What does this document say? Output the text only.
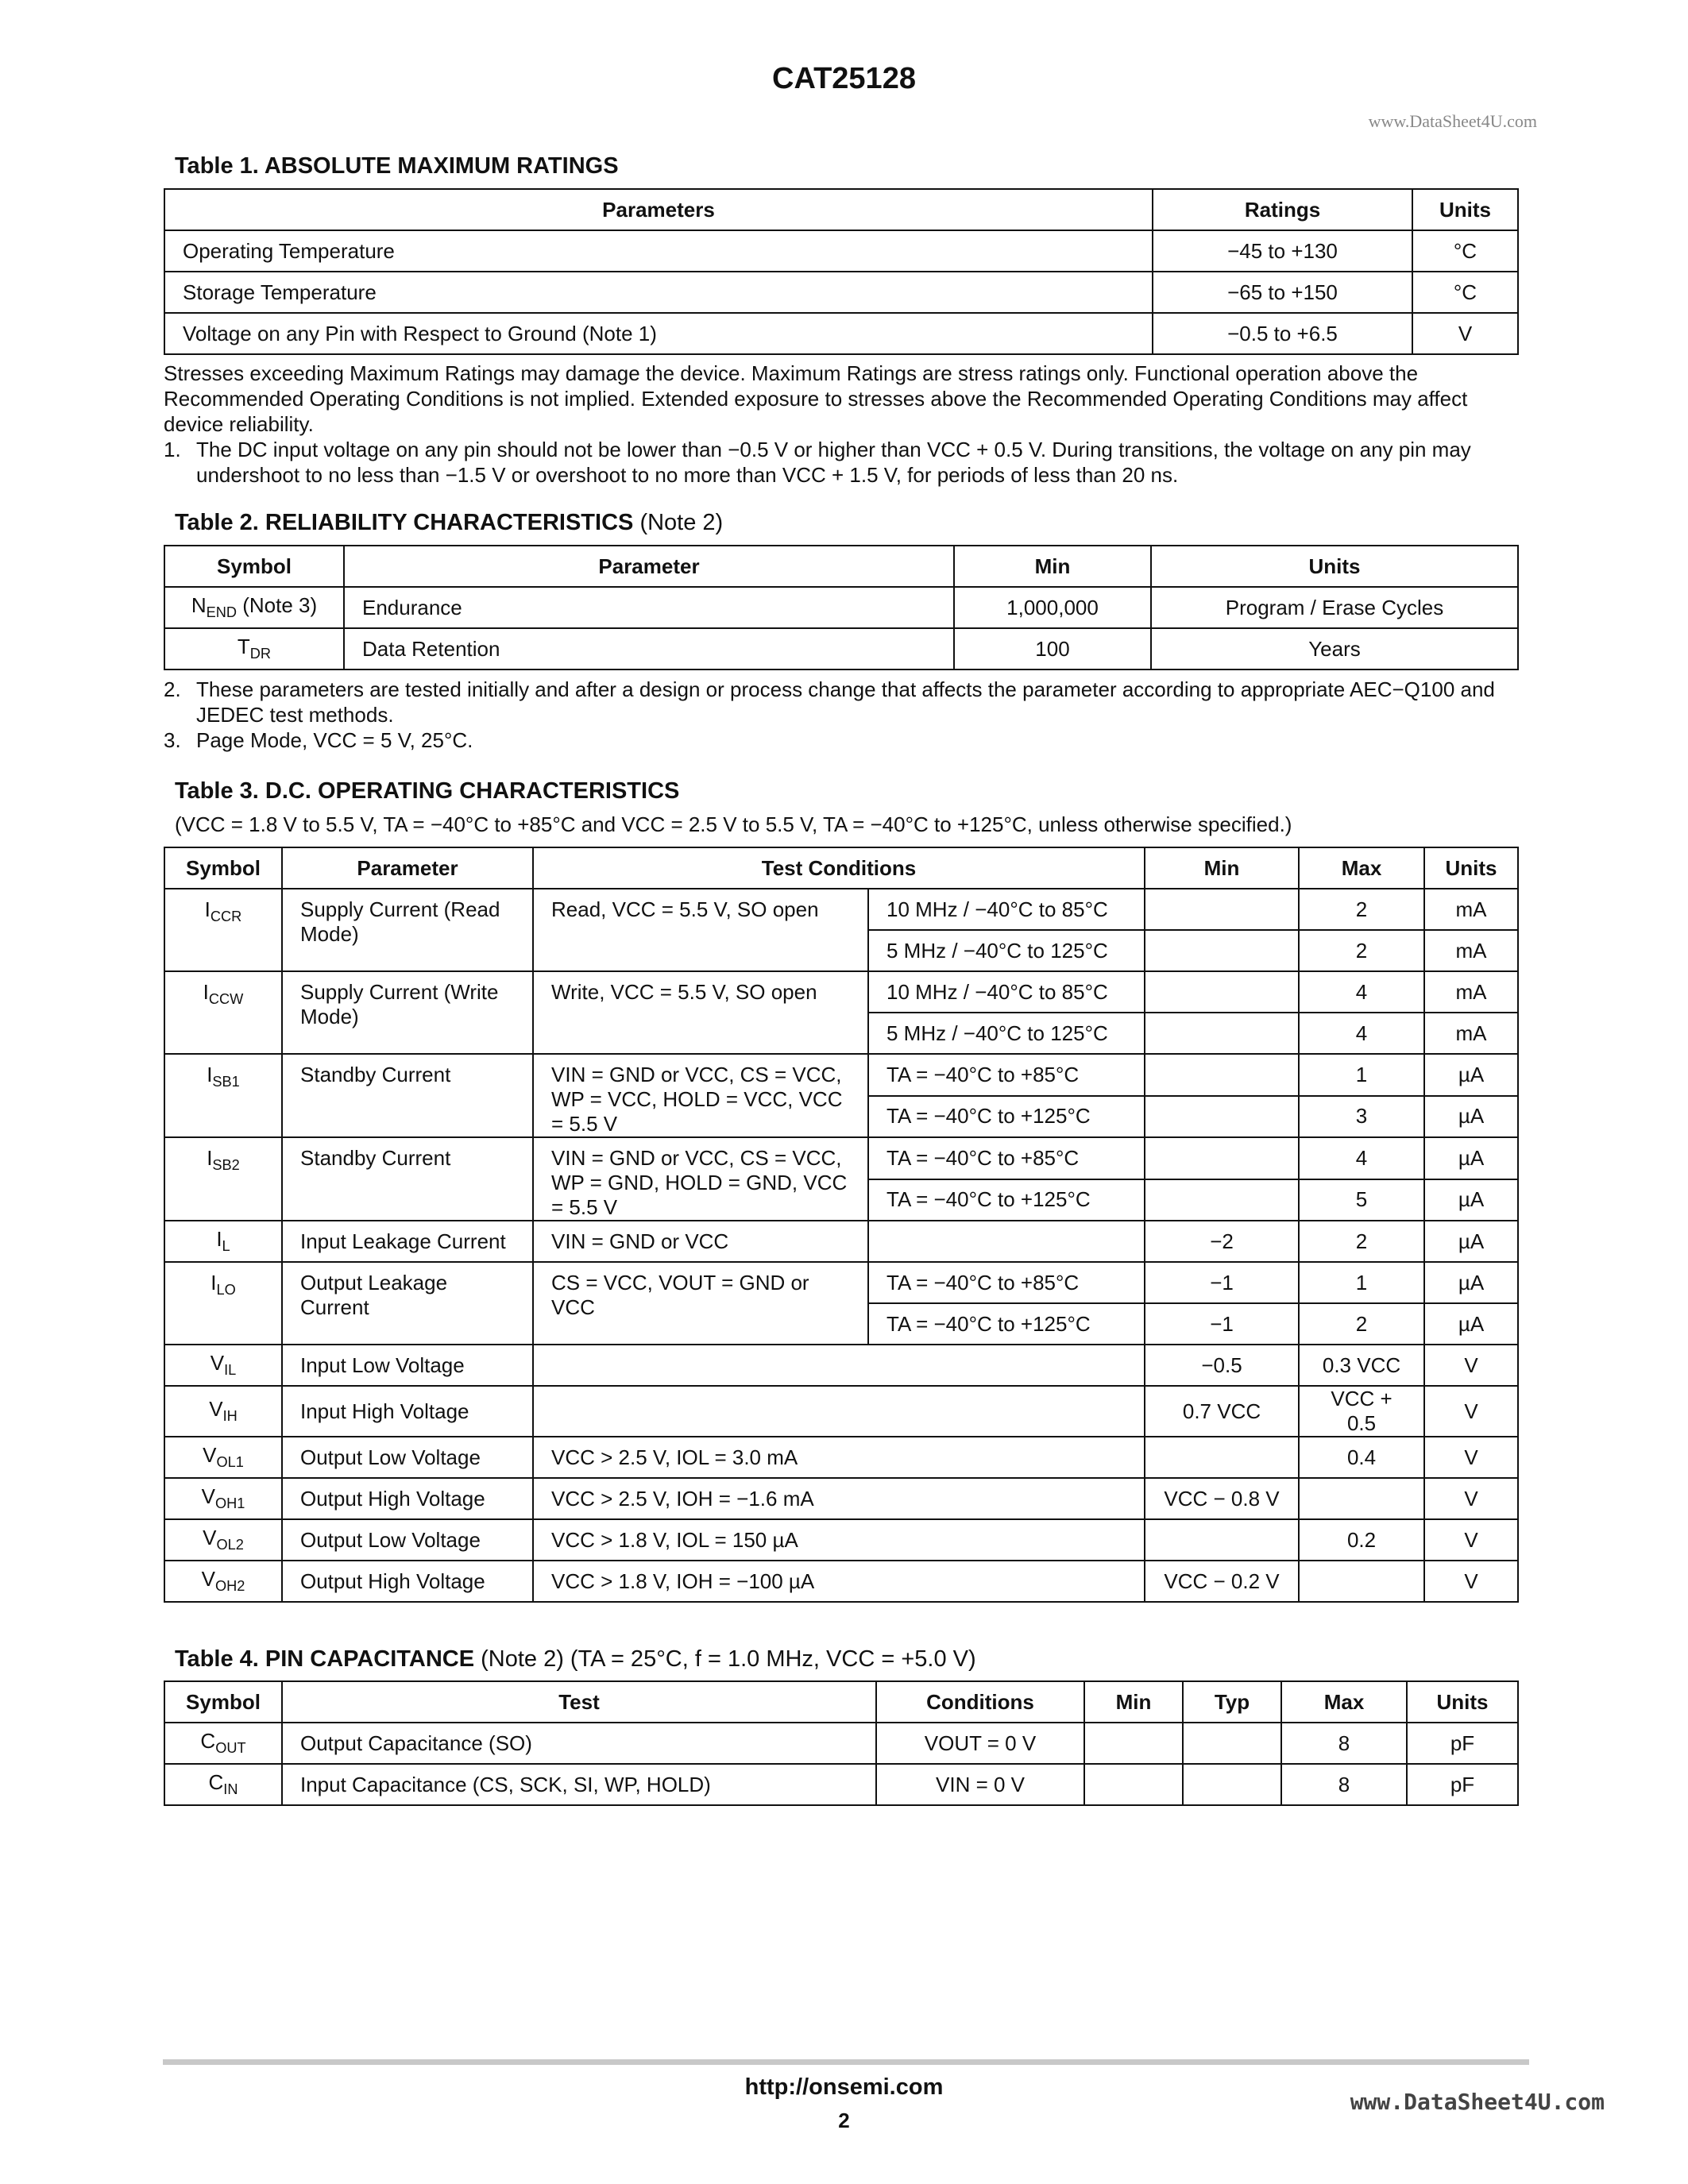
CAT25128
www.DataSheet4U.com
Table 1. ABSOLUTE MAXIMUM RATINGS
Parameters	Ratings	Units
Operating Temperature	−45 to +130	°C
Storage Temperature	−65 to +150	°C
Voltage on any Pin with Respect to Ground (Note 1)	−0.5 to +6.5	V
Stresses exceeding Maximum Ratings may damage the device. Maximum Ratings are stress ratings only. Functional operation above the Recommended Operating Conditions is not implied. Extended exposure to stresses above the Recommended Operating Conditions may affect device reliability.
1. The DC input voltage on any pin should not be lower than −0.5 V or higher than VCC + 0.5 V. During transitions, the voltage on any pin may undershoot to no less than −1.5 V or overshoot to no more than VCC + 1.5 V, for periods of less than 20 ns.
Table 2. RELIABILITY CHARACTERISTICS (Note 2)
Symbol	Parameter	Min	Units
$N_{END}$ (Note 3)	Endurance	1,000,000	Program / Erase Cycles
$T_{DR}$	Data Retention	100	Years
2. These parameters are tested initially and after a design or process change that affects the parameter according to appropriate AEC−Q100 and JEDEC test methods.
3. Page Mode, VCC = 5 V, 25°C.
Table 3. D.C. OPERATING CHARACTERISTICS
(VCC = 1.8 V to 5.5 V, TA = −40°C to +85°C and VCC = 2.5 V to 5.5 V, TA = −40°C to +125°C, unless otherwise specified.)
Symbol	Parameter	Test Conditions		Min	Max	Units
$I_{CCR}$	Supply Current (Read Mode)	Read, VCC = 5.5 V, SO open	10 MHz / −40°C to 85°C		2	mA
			5 MHz / −40°C to 125°C		2	mA
$I_{CCW}$	Supply Current (Write Mode)	Write, VCC = 5.5 V, SO open	10 MHz / −40°C to 85°C		4	mA
			5 MHz / −40°C to 125°C		4	mA
$I_{SB1}$	Standby Current	VIN = GND or VCC, CS = VCC, WP = VCC, HOLD = VCC, VCC = 5.5 V	TA = −40°C to +85°C		1	µA
			TA = −40°C to +125°C		3	µA
$I_{SB2}$	Standby Current	VIN = GND or VCC, CS = VCC, WP = GND, HOLD = GND, VCC = 5.5 V	TA = −40°C to +85°C		4	µA
			TA = −40°C to +125°C		5	µA
$I_L$	Input Leakage Current	VIN = GND or VCC		−2	2	µA
$I_{LO}$	Output Leakage Current	CS = VCC, VOUT = GND or VCC	TA = −40°C to +85°C	−1	1	µA
			TA = −40°C to +125°C	−1	2	µA
$V_{IL}$	Input Low Voltage			−0.5	0.3 VCC	V
$V_{IH}$	Input High Voltage			0.7 VCC	VCC + 0.5	V
$V_{OL1}$	Output Low Voltage	VCC > 2.5 V, IOL = 3.0 mA			0.4	V
$V_{OH1}$	Output High Voltage	VCC > 2.5 V, IOH = −1.6 mA		VCC − 0.8 V		V
$V_{OL2}$	Output Low Voltage	VCC > 1.8 V, IOL = 150 µA			0.2	V
$V_{OH2}$	Output High Voltage	VCC > 1.8 V, IOH = −100 µA		VCC − 0.2 V		V
Table 4. PIN CAPACITANCE (Note 2) (TA = 25°C, f = 1.0 MHz, VCC = +5.0 V)
Symbol	Test	Conditions	Min	Typ	Max	Units
$C_{OUT}$	Output Capacitance (SO)	VOUT = 0 V			8	pF
$C_{IN}$	Input Capacitance (CS, SCK, SI, WP, HOLD)	VIN = 0 V			8	pF
http://onsemi.com
2
www.DataSheet4U.com
